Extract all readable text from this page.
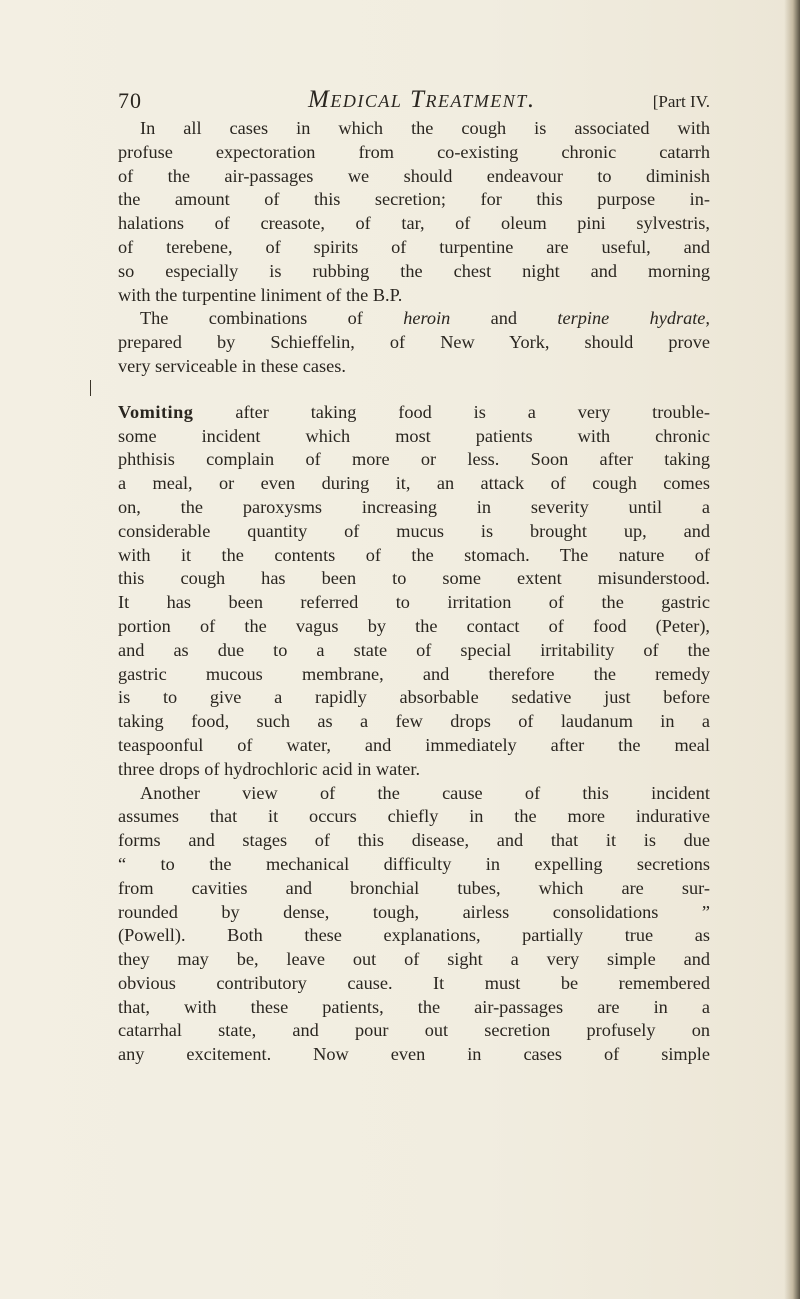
70	Medical Treatment.	[Part IV.
In all cases in which the cough is associated with
profuse expectoration from co-existing chronic catarrh
of the air-passages we should endeavour to diminish
the amount of this secretion; for this purpose in-
halations of creasote, of tar, of oleum pini sylvestris,
of terebene, of spirits of turpentine are useful, and
so especially is rubbing the chest night and morning
with the turpentine liniment of the B.P.
The combinations of heroin and terpine hydrate,
prepared by Schieffelin, of New York, should prove
very serviceable in these cases.
Vomiting after taking food is a very trouble-
some incident which most patients with chronic
phthisis complain of more or less. Soon after taking
a meal, or even during it, an attack of cough comes
on, the paroxysms increasing in severity until a
considerable quantity of mucus is brought up, and
with it the contents of the stomach. The nature of
this cough has been to some extent misunderstood.
It has been referred to irritation of the gastric
portion of the vagus by the contact of food (Peter),
and as due to a state of special irritability of the
gastric mucous membrane, and therefore the remedy
is to give a rapidly absorbable sedative just before
taking food, such as a few drops of laudanum in a
teaspoonful of water, and immediately after the meal
three drops of hydrochloric acid in water.
Another view of the cause of this incident
assumes that it occurs chiefly in the more indurative
forms and stages of this disease, and that it is due
“ to the mechanical difficulty in expelling secretions
from cavities and bronchial tubes, which are sur-
rounded by dense, tough, airless consolidations ”
(Powell). Both these explanations, partially true as
they may be, leave out of sight a very simple and
obvious contributory cause. It must be remembered
that, with these patients, the air-passages are in a
catarrhal state, and pour out secretion profusely on
any excitement. Now even in cases of simple
